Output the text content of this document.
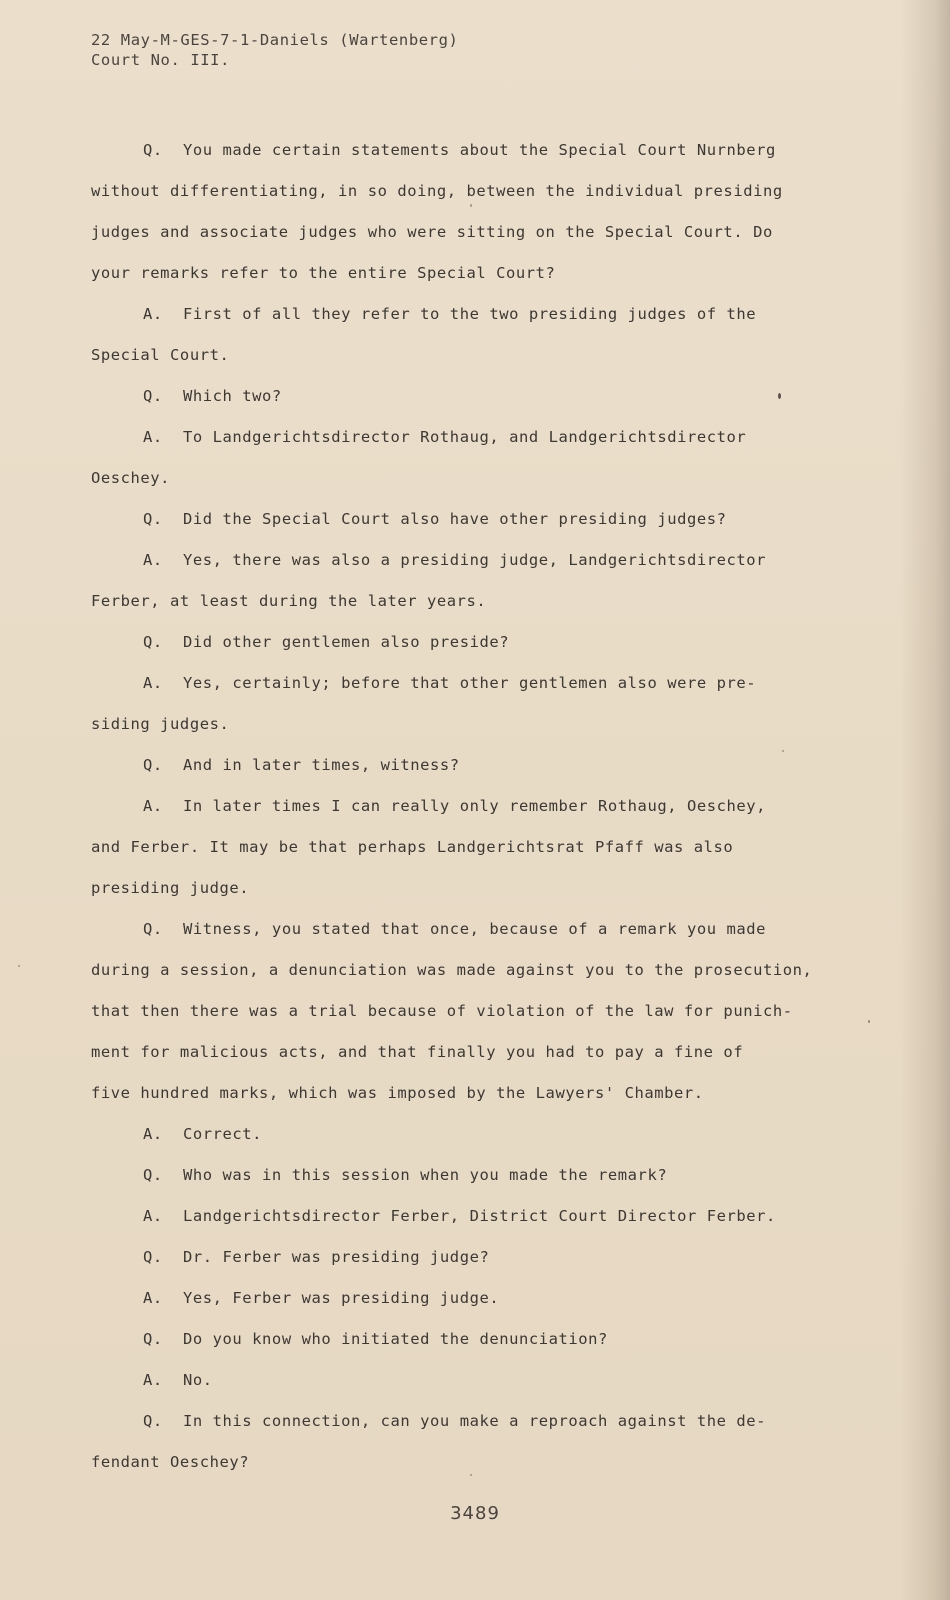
22 May-M-GES-7-1-Daniels (Wartenberg)
Court No. III.
Q. You made certain statements about the Special Court Nurnberg
without differentiating, in so doing, between the individual presiding
judges and associate judges who were sitting on the Special Court. Do
your remarks refer to the entire Special Court?
A. First of all they refer to the two presiding judges of the
Special Court.
Q. Which two?
A. To Landgerichtsdirector Rothaug, and Landgerichtsdirector
Oeschey.
Q. Did the Special Court also have other presiding judges?
A. Yes, there was also a presiding judge, Landgerichtsdirector
Ferber, at least during the later years.
Q. Did other gentlemen also preside?
A. Yes, certainly; before that other gentlemen also were pre-
siding judges.
Q. And in later times, witness?
A. In later times I can really only remember Rothaug, Oeschey,
and Ferber. It may be that perhaps Landgerichtsrat Pfaff was also
presiding judge.
Q. Witness, you stated that once, because of a remark you made
during a session, a denunciation was made against you to the prosecution,
that then there was a trial because of violation of the law for punich-
ment for malicious acts, and that finally you had to pay a fine of
five hundred marks, which was imposed by the Lawyers' Chamber.
A. Correct.
Q. Who was in this session when you made the remark?
A. Landgerichtsdirector Ferber, District Court Director Ferber.
Q. Dr. Ferber was presiding judge?
A. Yes, Ferber was presiding judge.
Q. Do you know who initiated the denunciation?
A. No.
Q. In this connection, can you make a reproach against the de-
fendant Oeschey?
3489
